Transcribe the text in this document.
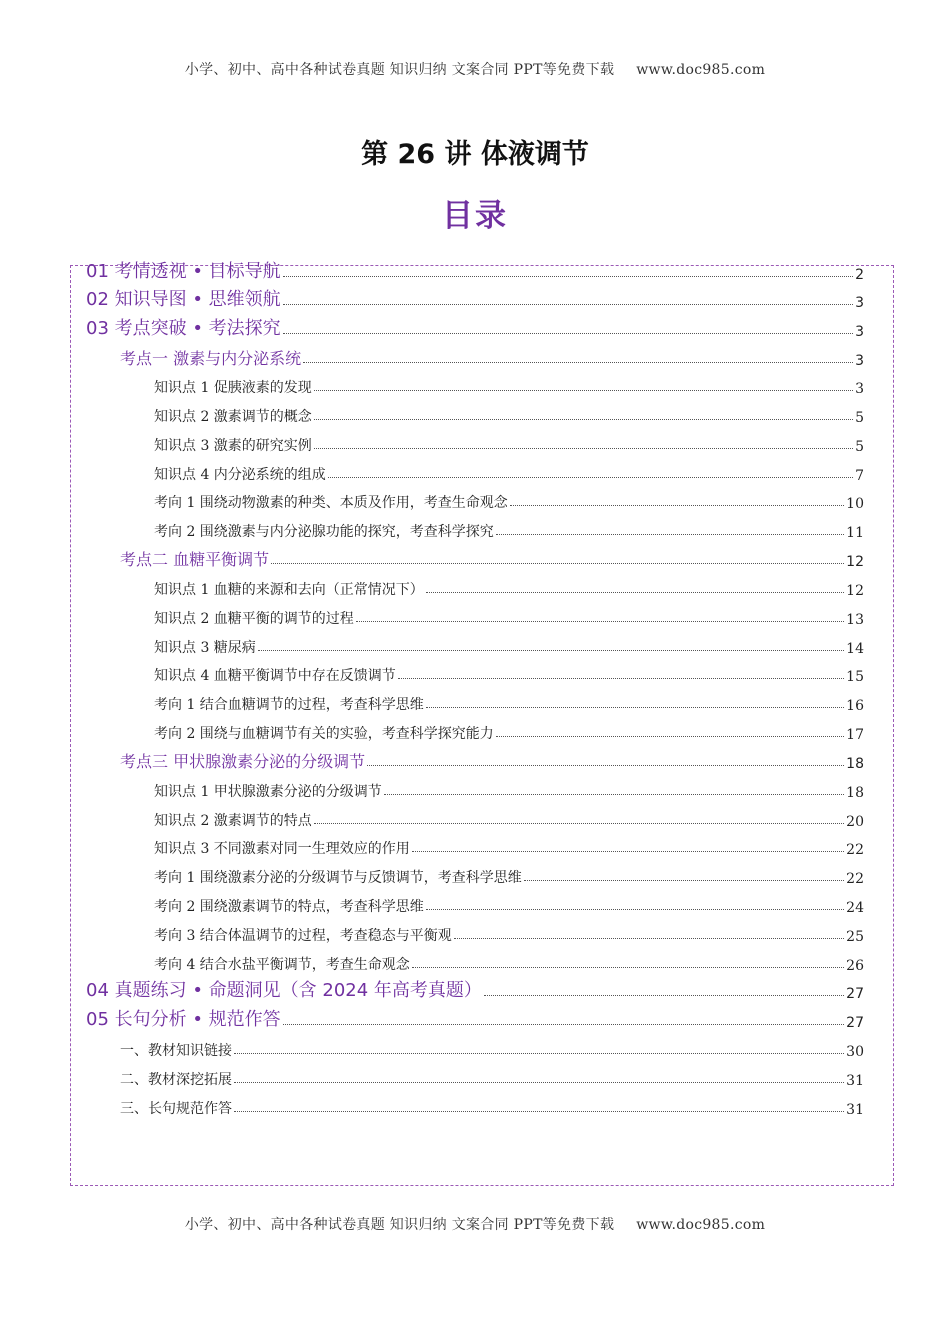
小学、初中、高中各种试卷真题 知识归纳 文案合同 PPT等免费下载 www.doc985.com
第 26 讲 体液调节
目录
01 考情透视 • 目标导航	2
02 知识导图 • 思维领航	3
03 考点突破 • 考法探究	3
考点一 激素与内分泌系统	3
知识点 1 促胰液素的发现	3
知识点 2 激素调节的概念	5
知识点 3 激素的研究实例	5
知识点 4 内分泌系统的组成	7
考向 1 围绕动物激素的种类、本质及作用，考查生命观念	10
考向 2 围绕激素与内分泌腺功能的探究，考查科学探究	11
考点二 血糖平衡调节	12
知识点 1 血糖的来源和去向（正常情况下）	12
知识点 2 血糖平衡的调节的过程	13
知识点 3 糖尿病	14
知识点 4 血糖平衡调节中存在反馈调节	15
考向 1 结合血糖调节的过程，考查科学思维	16
考向 2 围绕与血糖调节有关的实验，考查科学探究能力	17
考点三 甲状腺激素分泌的分级调节	18
知识点 1 甲状腺激素分泌的分级调节	18
知识点 2 激素调节的特点	20
知识点 3 不同激素对同一生理效应的作用	22
考向 1 围绕激素分泌的分级调节与反馈调节，考查科学思维	22
考向 2 围绕激素调节的特点，考查科学思维	24
考向 3 结合体温调节的过程，考查稳态与平衡观	25
考向 4 结合水盐平衡调节，考查生命观念	26
04 真题练习 • 命题洞见（含 2024 年高考真题）	27
05 长句分析 • 规范作答	27
一、教材知识链接	30
二、教材深挖拓展	31
三、长句规范作答	31
小学、初中、高中各种试卷真题 知识归纳 文案合同 PPT等免费下载 www.doc985.com
